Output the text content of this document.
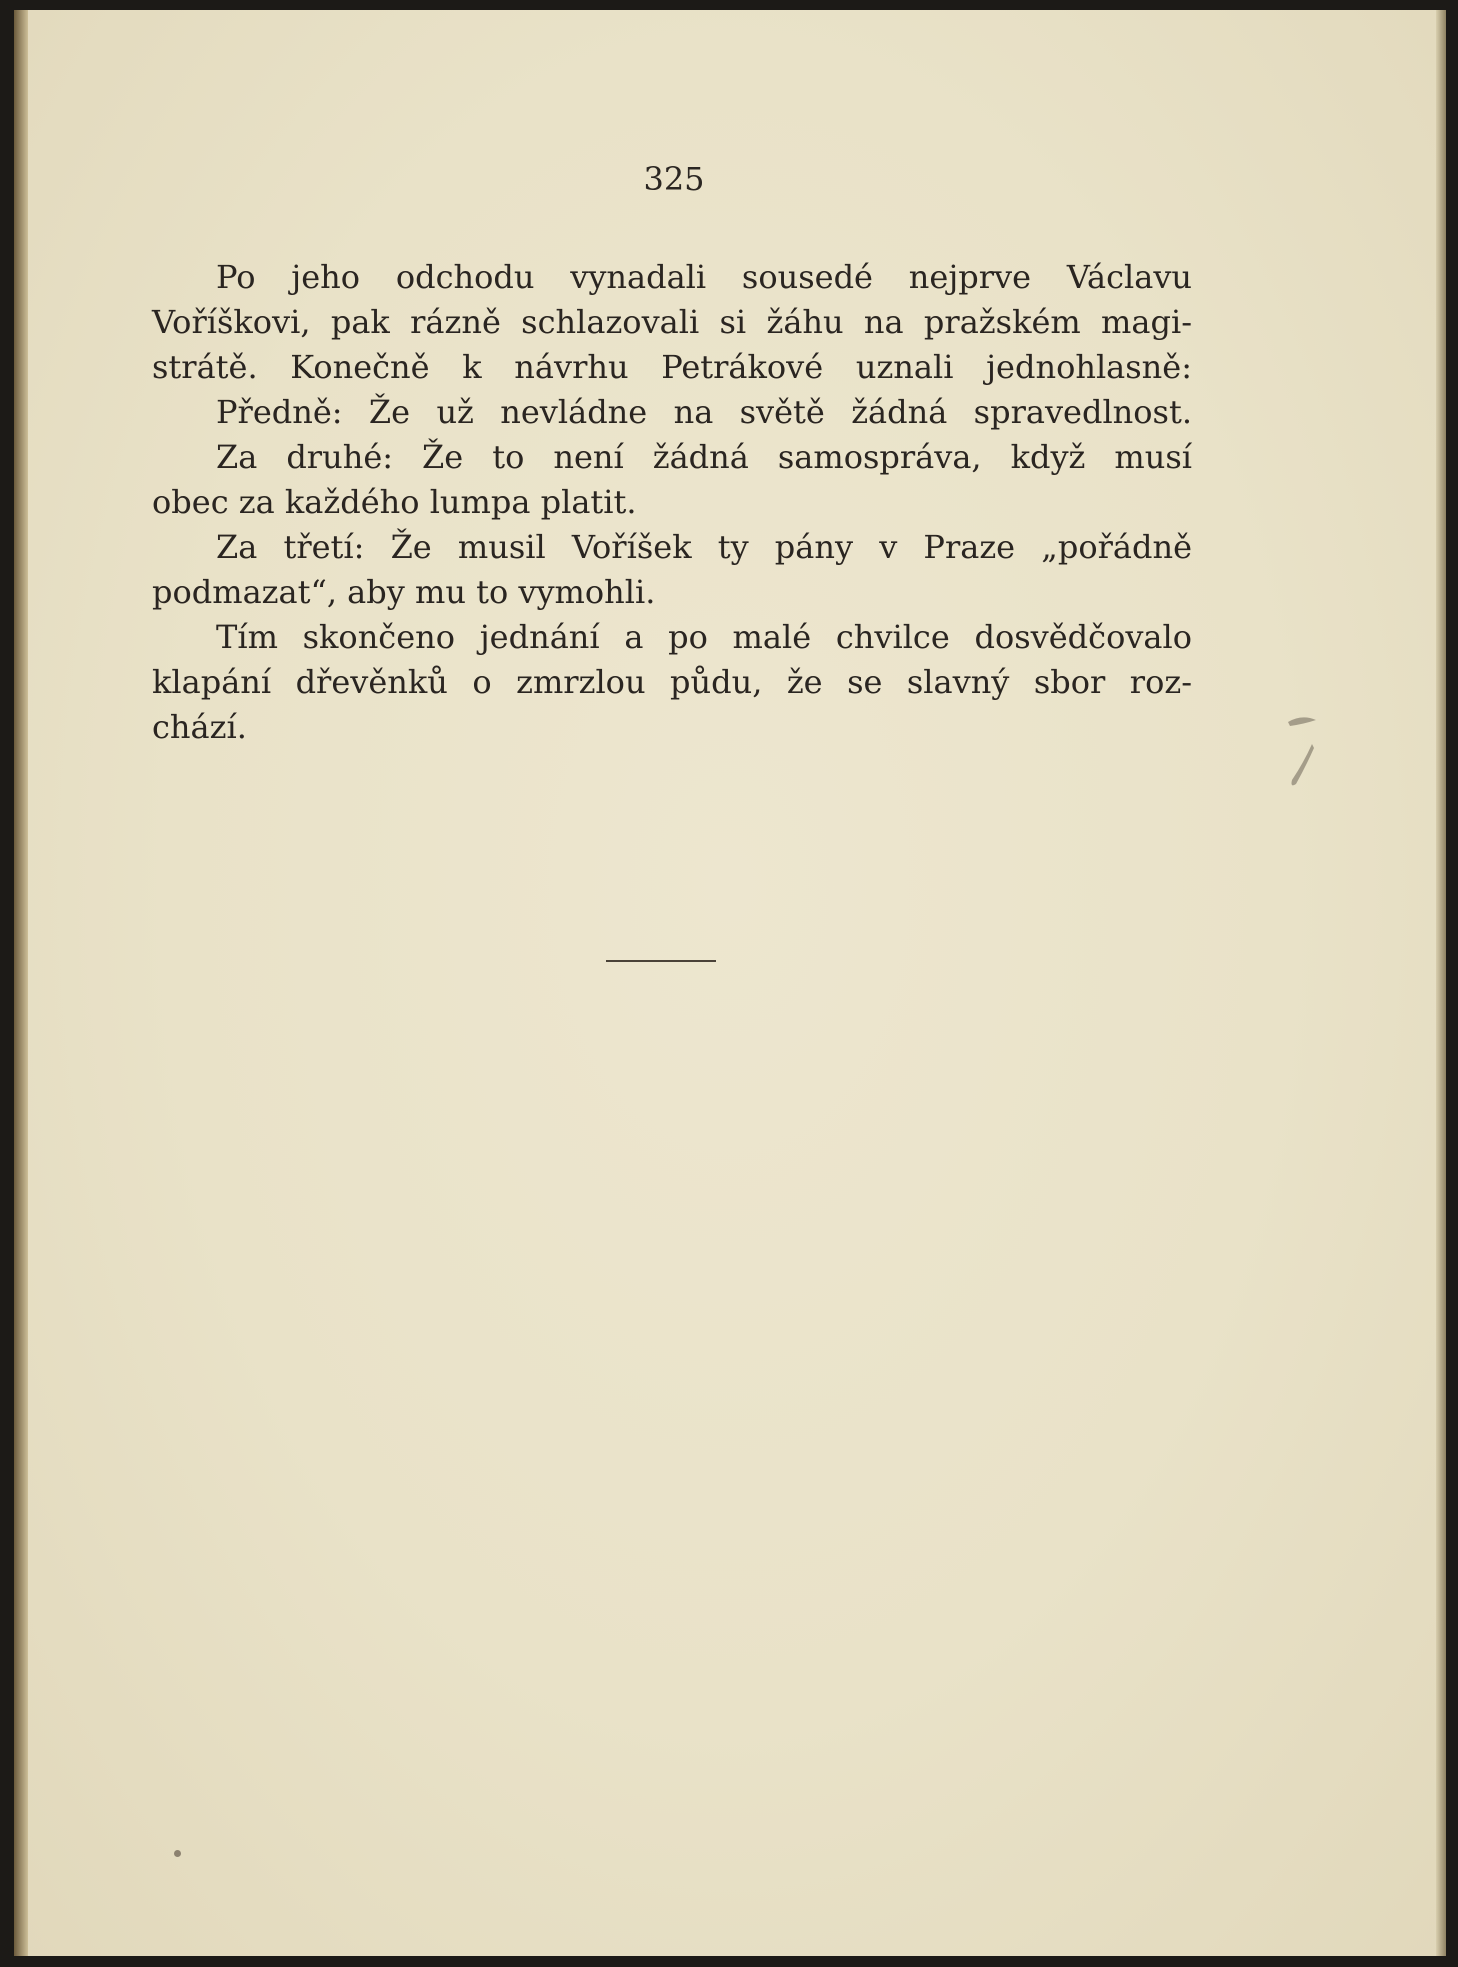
325
Po jeho odchodu vynadali sousedé nejprve Václavu
Voříškovi, pak rázně schlazovali si žáhu na pražském magi-
strátě. Konečně k návrhu Petrákové uznali jednohlasně:
Předně: Že už nevládne na světě žádná spravedlnost.
Za druhé: Že to není žádná samospráva, když musí
obec za každého lumpa platit.
Za třetí: Že musil Voříšek ty pány v Praze „pořádně
podmazat“, aby mu to vymohli.
Tím skončeno jednání a po malé chvilce dosvědčovalo
klapání dřevěnků o zmrzlou půdu, že se slavný sbor roz-
chází.
